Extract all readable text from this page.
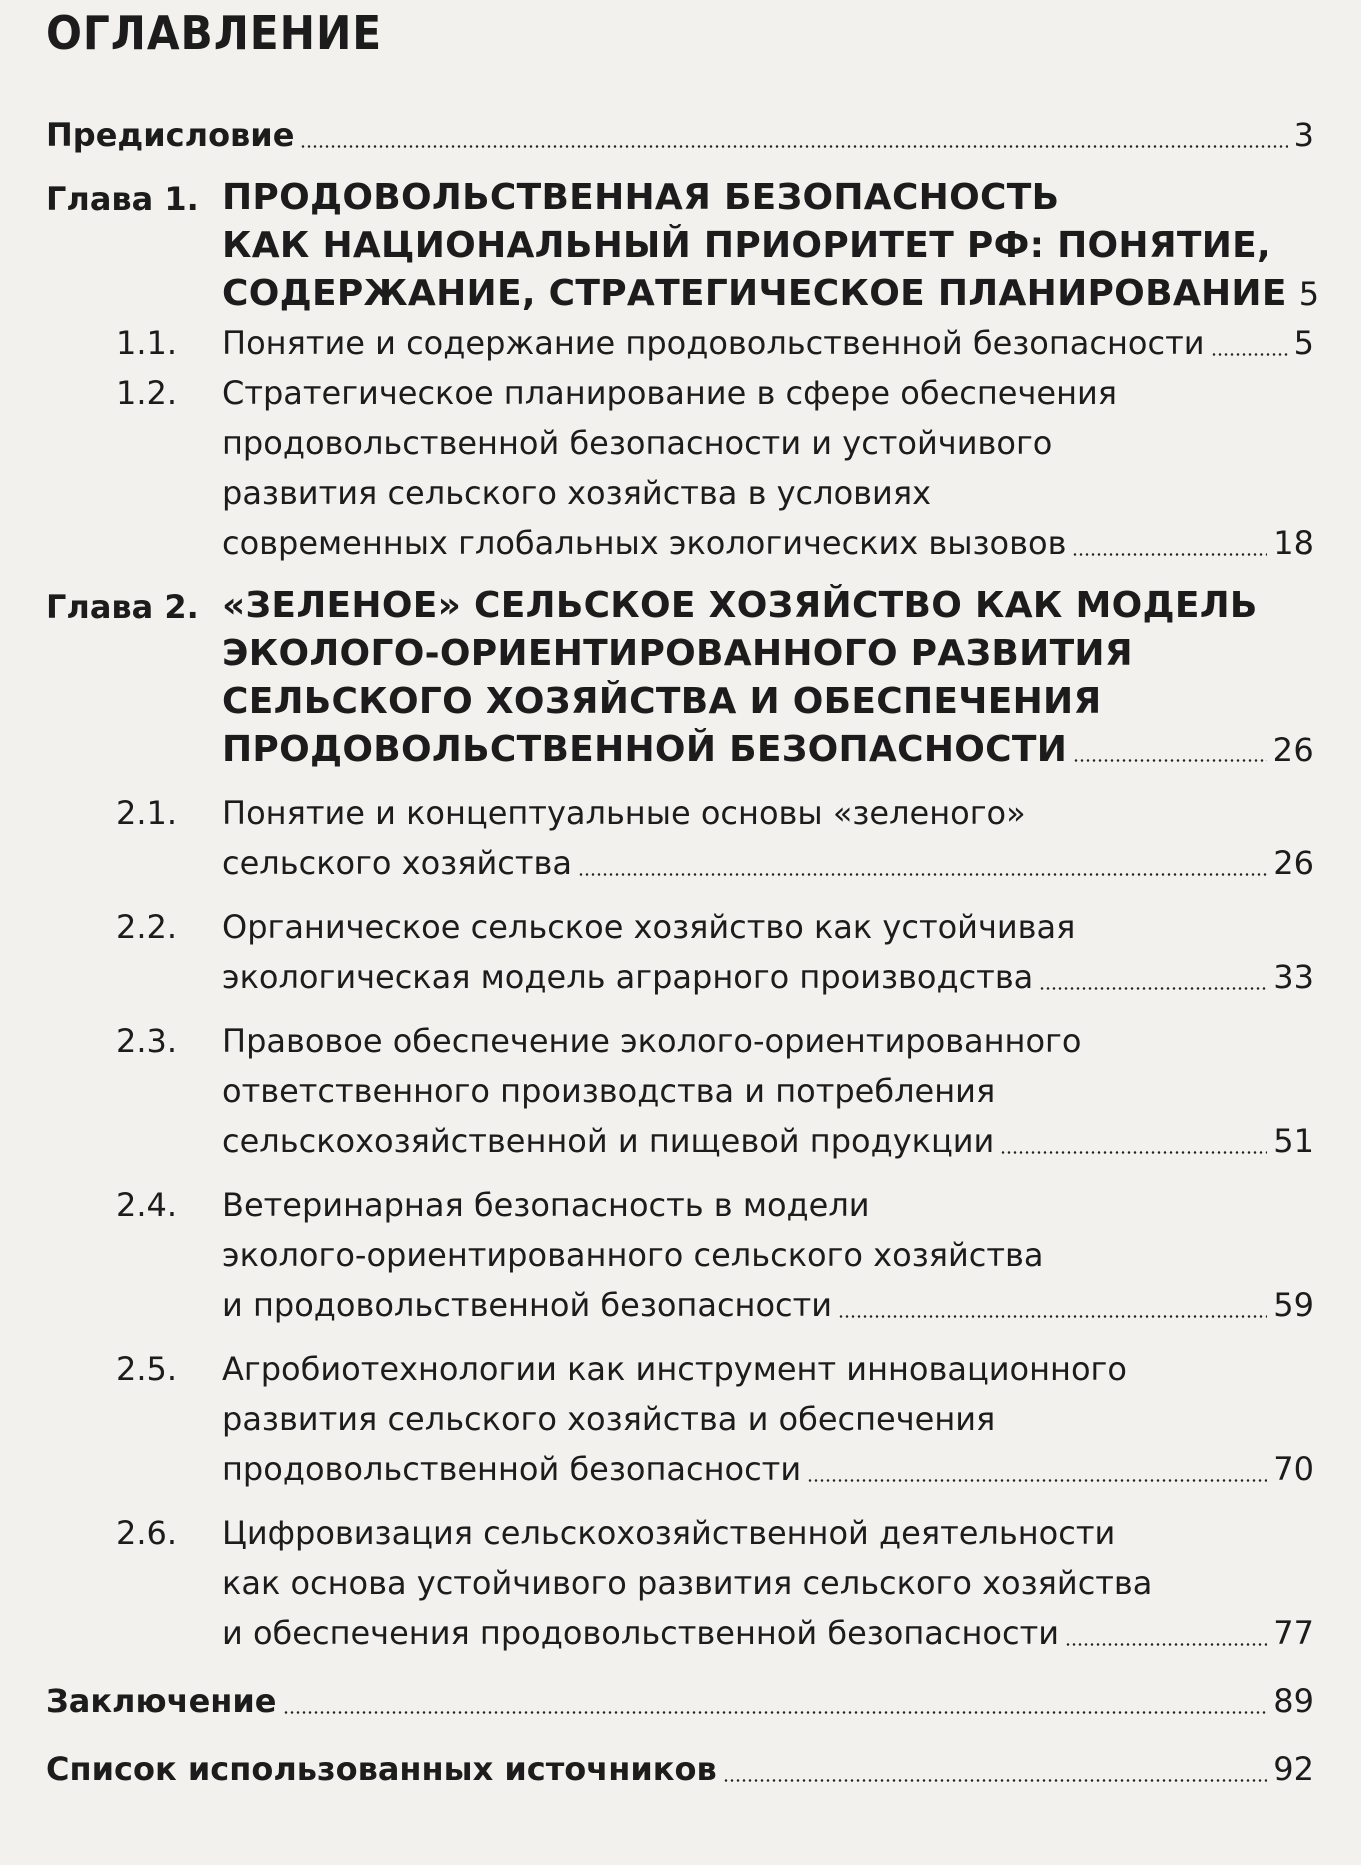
ОГЛАВЛЕНИЕ
Предисловие	3
Глава 1. ПРОДОВОЛЬСТВЕННАЯ БЕЗОПАСНОСТЬ
КАК НАЦИОНАЛЬНЫЙ ПРИОРИТЕТ РФ: ПОНЯТИЕ,
СОДЕРЖАНИЕ, СТРАТЕГИЧЕСКОЕ ПЛАНИРОВАНИЕ 5
1.1.	Понятие и содержание продовольственной безопасности	5
1.2.	Стратегическое планирование в сфере обеспечения
продовольственной безопасности и устойчивого
развития сельского хозяйства в условиях
современных глобальных экологических вызовов	18
Глава 2. «ЗЕЛЕНОЕ» СЕЛЬСКОЕ ХОЗЯЙСТВО КАК МОДЕЛЬ
ЭКОЛОГО-ОРИЕНТИРОВАННОГО РАЗВИТИЯ
СЕЛЬСКОГО ХОЗЯЙСТВА И ОБЕСПЕЧЕНИЯ
ПРОДОВОЛЬСТВЕННОЙ БЕЗОПАСНОСТИ	26
2.1.	Понятие и концептуальные основы «зеленого»
сельского хозяйства	26
2.2.	Органическое сельское хозяйство как устойчивая
экологическая модель аграрного производства	33
2.3.	Правовое обеспечение эколого-ориентированного
ответственного производства и потребления
сельскохозяйственной и пищевой продукции	51
2.4.	Ветеринарная безопасность в модели
эколого-ориентированного сельского хозяйства
и продовольственной безопасности	59
2.5.	Агробиотехнологии как инструмент инновационного
развития сельского хозяйства и обеспечения
продовольственной безопасности	70
2.6.	Цифровизация сельскохозяйственной деятельности
как основа устойчивого развития сельского хозяйства
и обеспечения продовольственной безопасности	77
Заключение	89
Список использованных источников	92
